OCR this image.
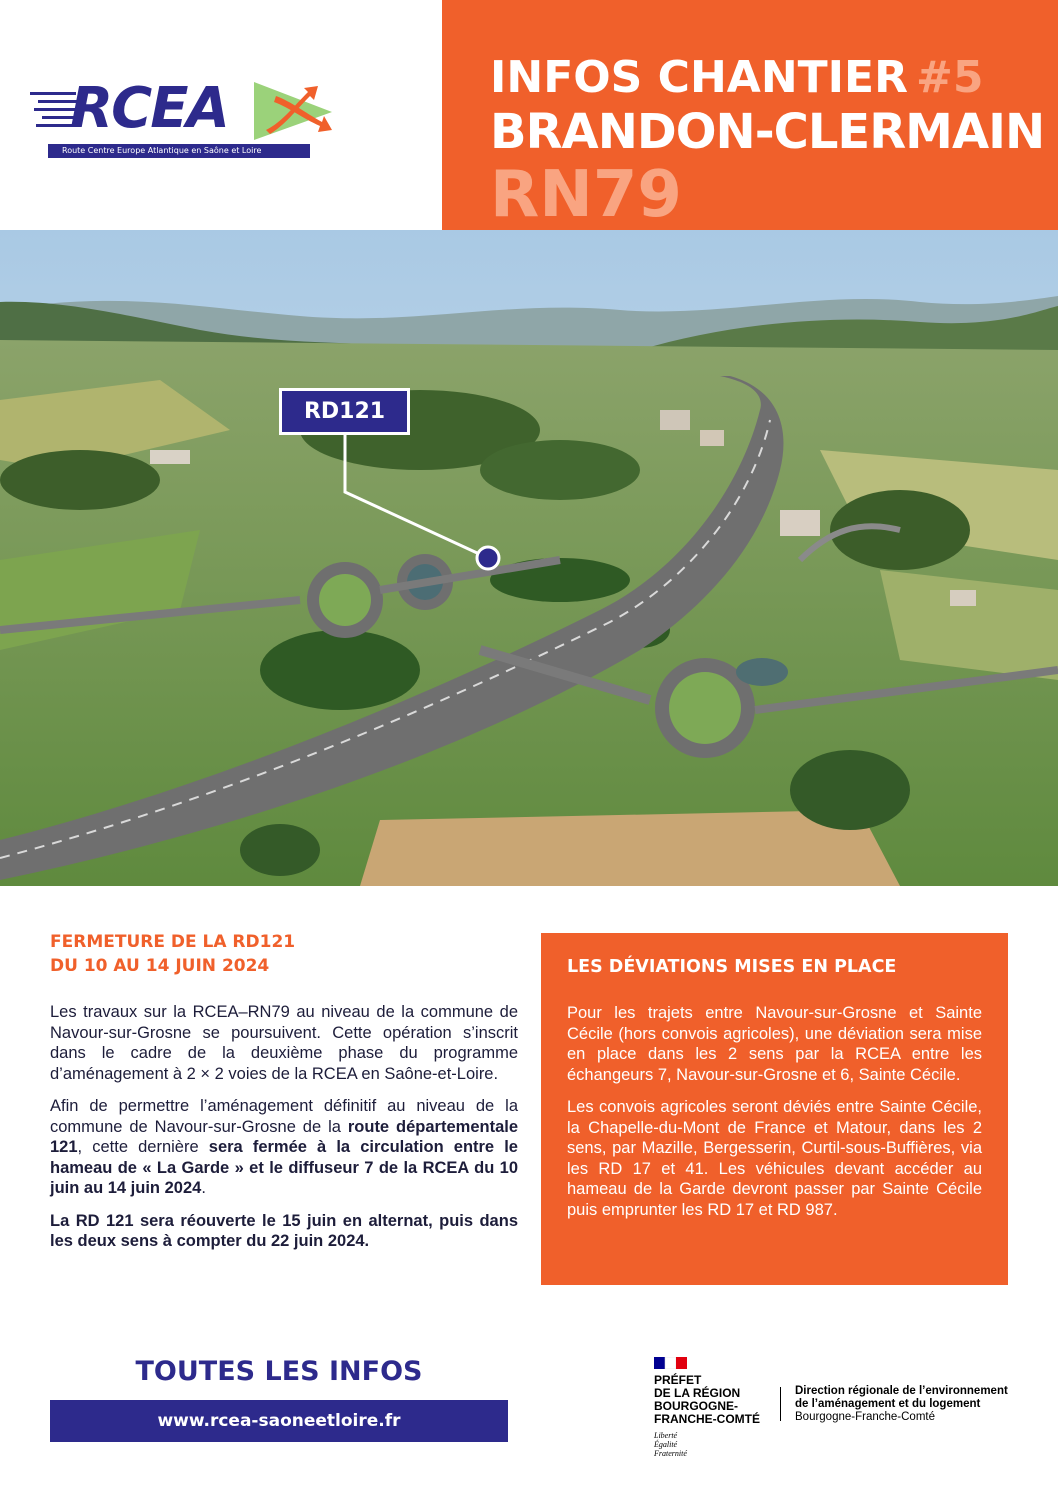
RCEA
Route Centre Europe Atlantique en Saône et Loire
INFOS CHANTIER #5
BRANDON-CLERMAIN
RN79
RD121
FERMETURE DE LA RD121
DU 10 AU 14 JUIN 2024

Les travaux sur la RCEA–RN79 au niveau de la commune de Navour-sur-Grosne se poursuivent. Cette opération s’inscrit dans le cadre de la deuxième phase du programme d’aménagement à 2 × 2 voies de la RCEA en Saône-et-Loire.

Afin de permettre l’aménagement définitif au niveau de la commune de Navour-sur-Grosne de la route départementale 121, cette dernière sera fermée à la circulation entre le hameau de « La Garde » et le diffuseur 7 de la RCEA du 10 juin au 14 juin 2024.

La RD 121 sera réouverte le 15 juin en alternat, puis dans les deux sens à compter du 22 juin 2024.

LES DÉVIATIONS MISES EN PLACE

Pour les trajets entre Navour-sur-Grosne et Sainte Cécile (hors convois agricoles), une déviation sera mise en place dans les 2 sens par la RCEA entre les échangeurs 7, Navour-sur-Grosne et 6, Sainte Cécile.

Les convois agricoles seront déviés entre Sainte Cécile, la Chapelle-du-Mont de France et Matour, dans les 2 sens, par Mazille, Bergesserin, Curtil-sous-Buffières, via les RD 17 et 41. Les véhicules devant accéder au hameau de la Garde devront passer par Sainte Cécile puis emprunter les RD 17 et RD 987.

TOUTES LES INFOS
www.rcea-saoneetloire.fr
PRÉFET
DE LA RÉGION
BOURGOGNE-
FRANCHE-COMTÉ
Liberté
Égalité
Fraternité
Direction régionale de l’environnement
de l’aménagement et du logement
Bourgogne-Franche-Comté
